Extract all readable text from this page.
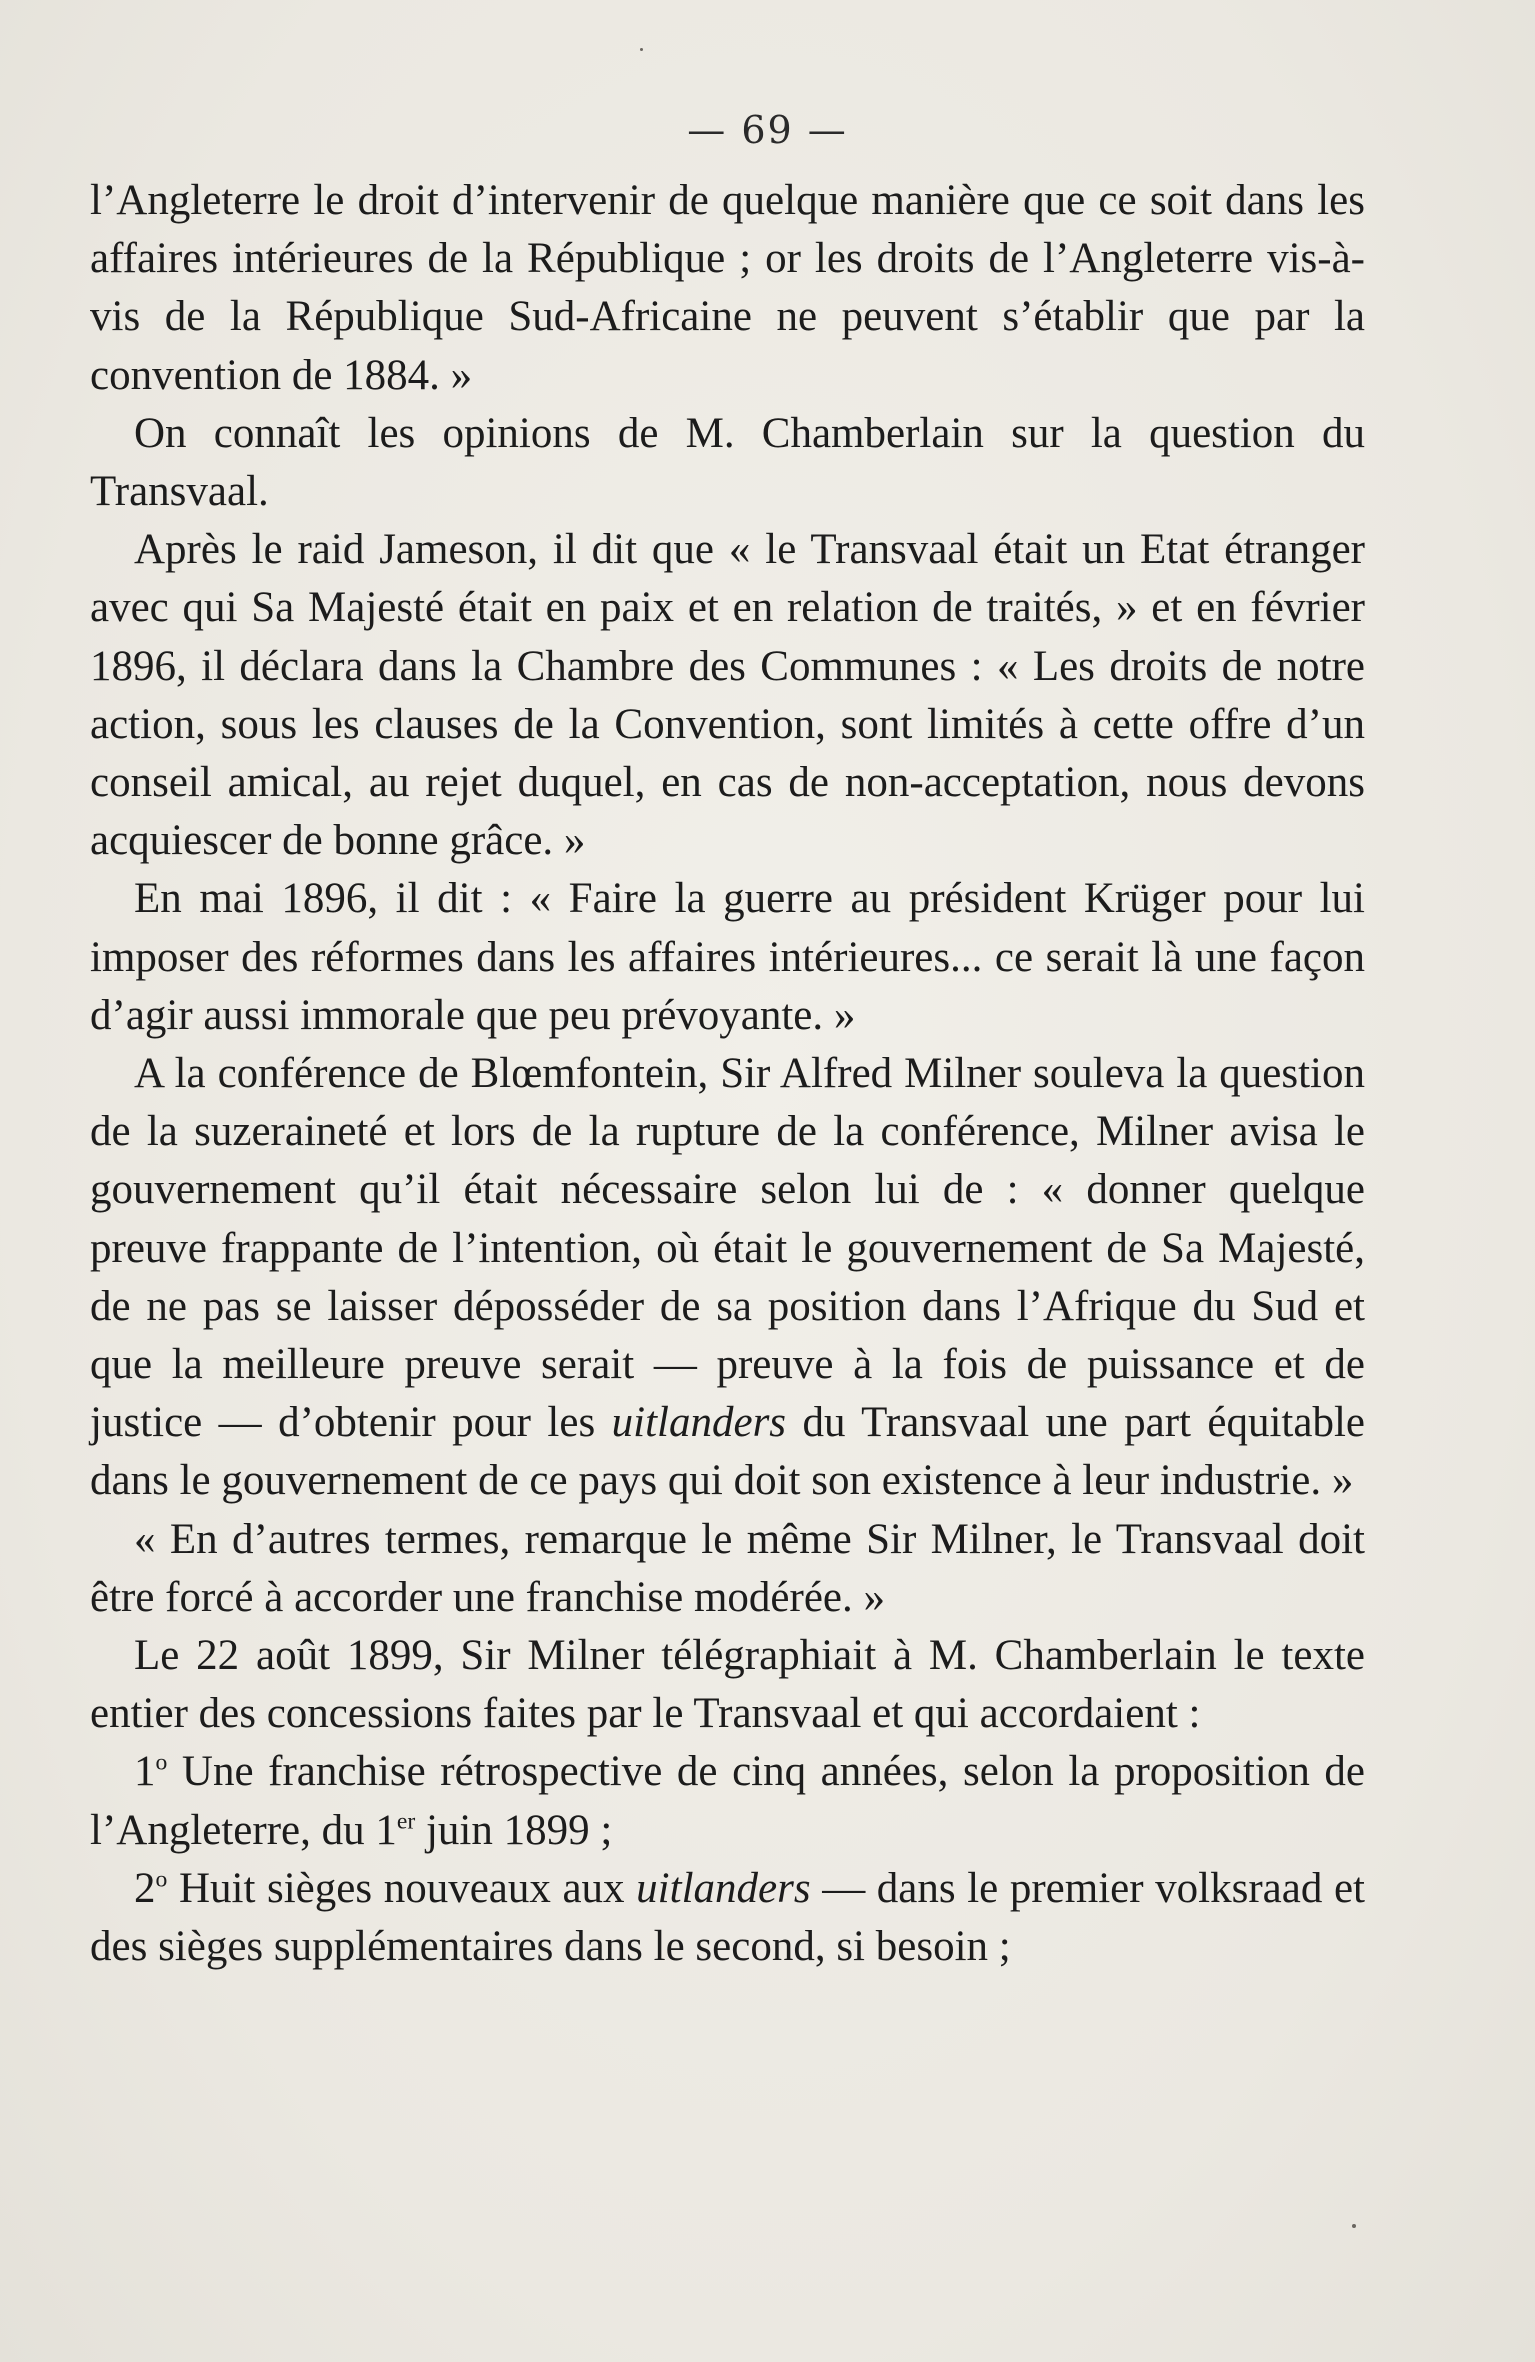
— 69 —

l’Angleterre le droit d’intervenir de quelque manière que ce soit dans les affaires intérieures de la République ; or les droits de l’Angleterre vis-à-vis de la République Sud-Africaine ne peuvent s’établir que par la convention de 1884. »

On connaît les opinions de M. Chamberlain sur la question du Transvaal.

Après le raid Jameson, il dit que « le Transvaal était un Etat étranger avec qui Sa Majesté était en paix et en relation de traités, » et en février 1896, il déclara dans la Chambre des Communes : « Les droits de notre action, sous les clauses de la Convention, sont limités à cette offre d’un conseil amical, au rejet duquel, en cas de non-acceptation, nous devons acquiescer de bonne grâce. »

En mai 1896, il dit : « Faire la guerre au président Krüger pour lui imposer des réformes dans les affaires intérieures... ce serait là une façon d’agir aussi immorale que peu prévoyante. »

A la conférence de Blœmfontein, Sir Alfred Milner souleva la question de la suzeraineté et lors de la rupture de la conférence, Milner avisa le gouvernement qu’il était nécessaire selon lui de : « donner quelque preuve frappante de l’intention, où était le gouvernement de Sa Majesté, de ne pas se laisser déposséder de sa position dans l’Afrique du Sud et que la meilleure preuve serait — preuve à la fois de puissance et de justice — d’obtenir pour les uitlanders du Transvaal une part équitable dans le gouvernement de ce pays qui doit son existence à leur industrie. »

« En d’autres termes, remarque le même Sir Milner, le Transvaal doit être forcé à accorder une franchise modérée. »

Le 22 août 1899, Sir Milner télégraphiait à M. Chamberlain le texte entier des concessions faites par le Transvaal et qui accordaient :

1$^o$ Une franchise rétrospective de cinq années, selon la proposition de l’Angleterre, du 1er juin 1899 ;

2$^o$ Huit sièges nouveaux aux uitlanders — dans le premier volksraad et des sièges supplémentaires dans le second, si besoin ;
